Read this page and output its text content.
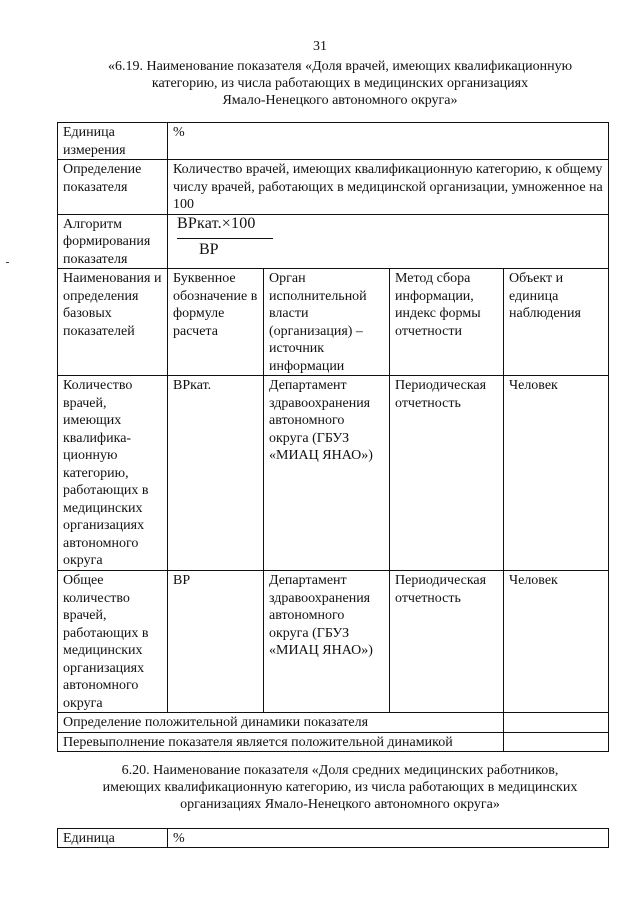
31
«6.19. Наименование показателя «Доля врачей, имеющих квалификационную
категорию, из числа работающих в медицинских организациях
Ямало-Ненецкого автономного округа»
Единица измерения	%			
Определение показателя	Количество врачей, имеющих квалификационную категорию, к общему числу врачей, работающих в медицинской организации, умноженное на 100			
Алгоритм формирования показателя	ВРкат.×100
ВР			

Наименования и определения базовых показателей	Буквенное обозначение в формуле расчета	Орган исполнительной власти (организация) – источник информации	Метод сбора информации, индекс формы отчетности	Объект и единица наблюдения
Количество врачей, имеющих квалифика-ционную категорию, работающих в медицинских организациях автономного округа	ВРкат.	Департамент здравоохранения автономного округа (ГБУЗ «МИАЦ ЯНАО»)	Периодическая отчетность	Человек
Общее количество врачей, работающих в медицинских организациях автономного округа	ВР	Департамент здравоохранения автономного округа (ГБУЗ «МИАЦ ЯНАО»)	Периодическая отчетность	Человек
Определение положительной динамики показателя				
Перевыполнение показателя является положительной динамикой				
6.20. Наименование показателя «Доля средних медицинских работников,
имеющих квалификационную категорию, из числа работающих в медицинских
организациях Ямало-Ненецкого автономного округа»
Единица	%
